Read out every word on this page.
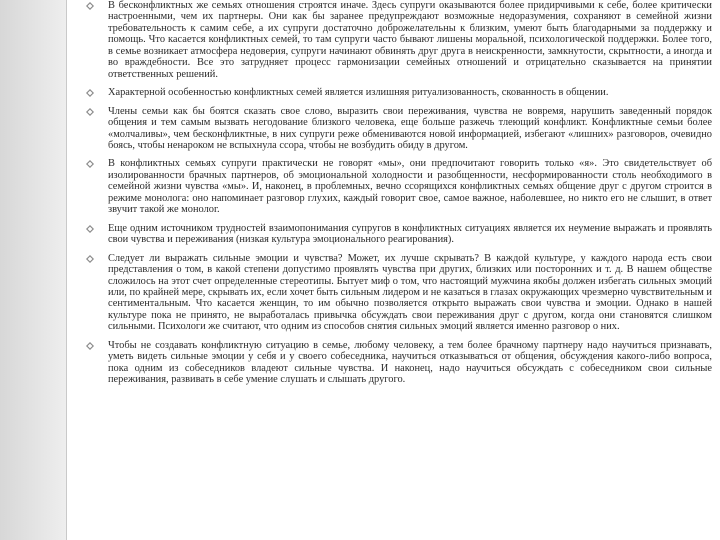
В бесконфликтных же семьях отношения строятся иначе. Здесь супруги оказываются более придирчивыми к себе, более критически настроенными, чем их партнеры. Они как бы заранее предупреждают возможные недоразумения, сохраняют в семейной жизни требовательность к самим себе, а их супруги достаточно доброжелательны к близким, умеют быть благодарными за поддержку и помощь. Что касается конфликтных семей, то там супруги часто бывают лишены моральной, психологической поддержки. Более того, в семье возникает атмосфера недоверия, супруги начинают обвинять друг друга в неискренности, замкнутости, скрытности, а иногда и во враждебности. Все это затрудняет процесс гармонизации семейных отношений и отрицательно сказывается на принятии ответственных решений.
Характерной особенностью конфликтных семей является излишняя ритуализованность, скованность в общении.
Члены семьи как бы боятся сказать свое слово, выразить свои переживания, чувства не вовремя, нарушить заведенный порядок общения и тем самым вызвать негодование близкого человека, еще больше разжечь тлеющий конфликт. Конфликтные семьи более «молчаливы», чем бесконфликтные, в них супруги реже обмениваются новой информацией, избегают «лишних» разговоров, очевидно боясь, чтобы ненароком не вспыхнула ссора, чтобы не возбудить обиду в другом.
В конфликтных семьях супруги практически не говорят «мы», они предпочитают говорить только «я». Это свидетельствует об изолированности брачных партнеров, об эмоциональной холодности и разобщенности, несформированности столь необходимого в семейной жизни чувства «мы». И, наконец, в проблемных, вечно ссорящихся конфликтных семьях общение друг с другом строится в режиме монолога: оно напоминает разговор глухих, каждый говорит свое, самое важное, наболевшее, но никто его не слышит, в ответ звучит такой же монолог.
Еще одним источником трудностей взаимопонимания супругов в конфликтных ситуациях является их неумение выражать и проявлять свои чувства и переживания (низкая культура эмоционального реагирования).
Следует ли выражать сильные эмоции и чувства? Может, их лучше скрывать? В каждой культуре, у каждого народа есть свои представления о том, в какой степени допустимо проявлять чувства при других, близких или посторонних и т. д. В нашем обществе сложилось на этот счет определенные стереотипы. Бытует миф о том, что настоящий мужчина якобы должен избегать сильных эмоций или, по крайней мере, скрывать их, если хочет быть сильным лидером и не казаться в глазах окружающих чрезмерно чувствительным и сентиментальным. Что касается женщин, то им обычно позволяется открыто выражать свои чувства и эмоции. Однако в нашей культуре пока не принято, не выработалась привычка обсуждать свои переживания друг с другом, когда они становятся слишком сильными. Психологи же считают, что одним из способов снятия сильных эмоций является именно разговор о них.
Чтобы не создавать конфликтную ситуацию в семье, любому человеку, а тем более брачному партнеру надо научиться признавать, уметь видеть сильные эмоции у себя и у своего собеседника, научиться отказываться от общения, обсуждения какого-либо вопроса, пока одним из собеседников владеют сильные чувства. И наконец, надо научиться обсуждать с собеседником свои сильные переживания, развивать в себе умение слушать и слышать другого.
